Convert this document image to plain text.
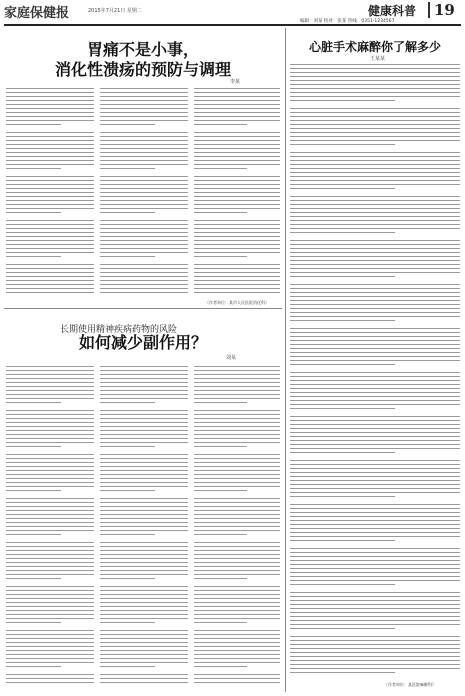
家庭保健报	2015年7月21日 星期二	健康科普 19
编辑：刘某 校对：张某 热线：0351-1234567
胃痛不是小事，
消化性溃疡的预防与调理
李某
（作者单位：某市人民医院消化科）
心脏手术麻醉你了解多少
王某某
（作者单位：某医院麻醉科）
长期使用精神疾病药物的风险
如何减少副作用？
刘某
